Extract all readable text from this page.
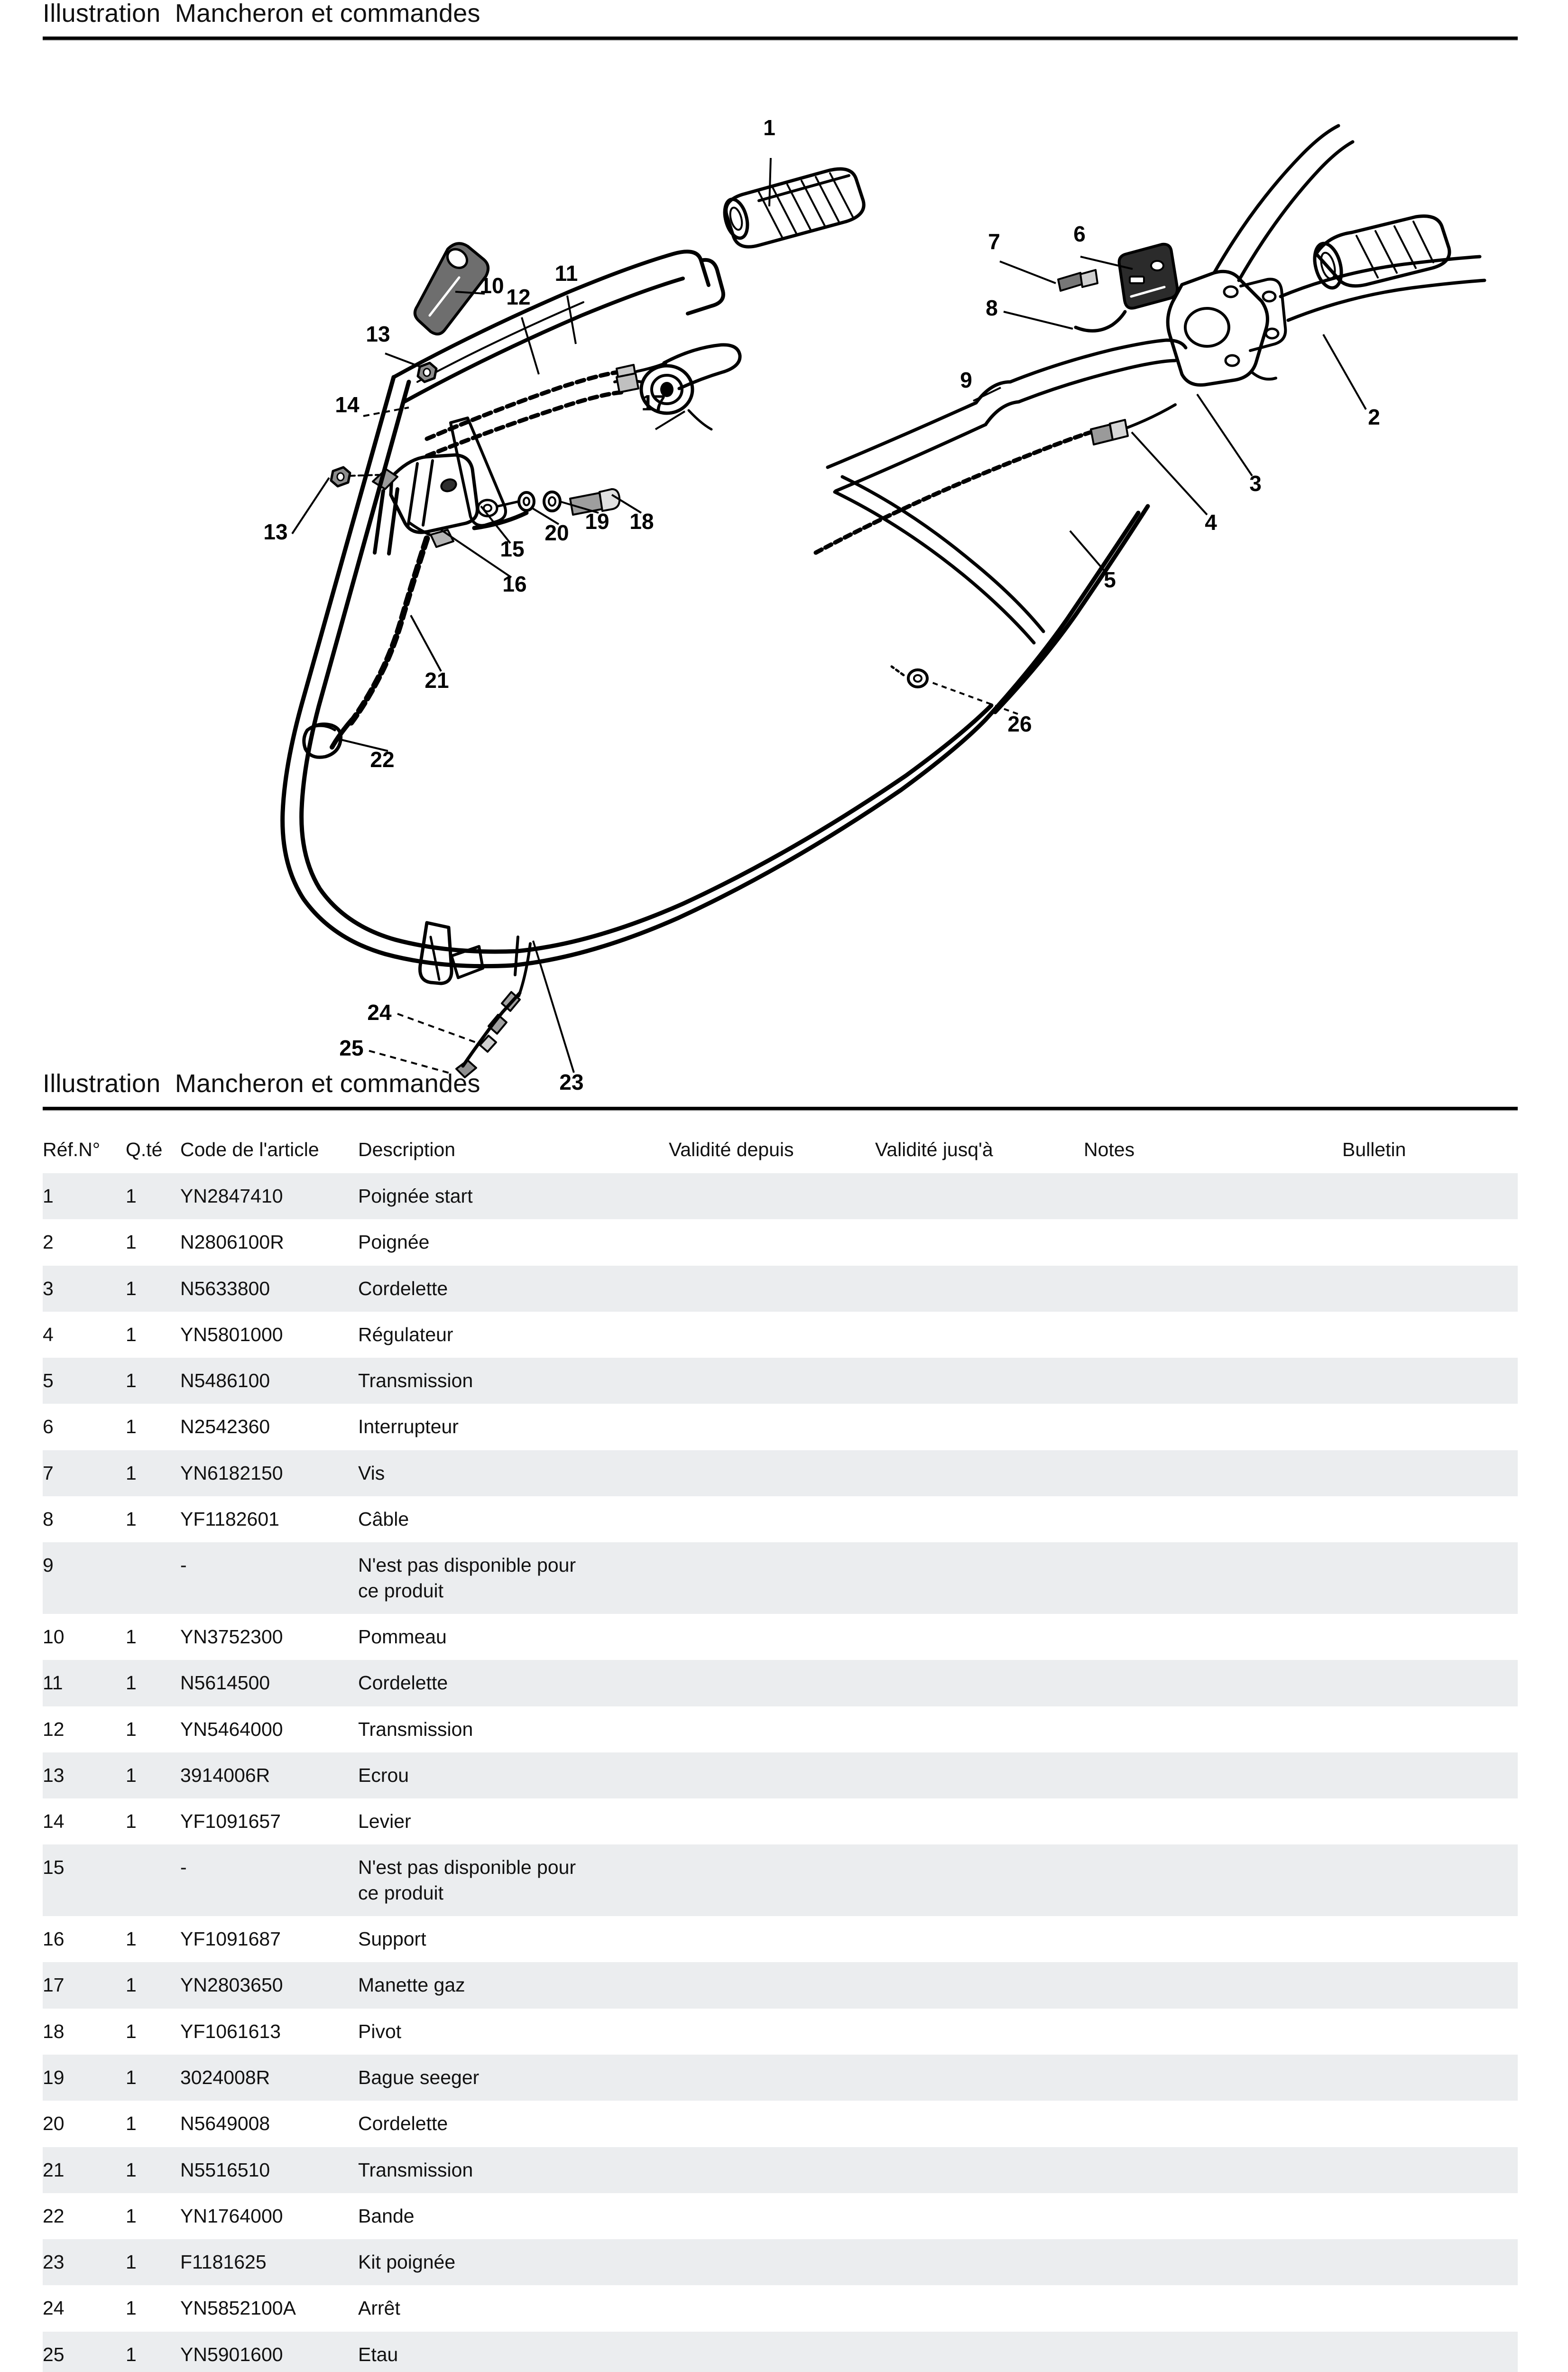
Illustration  Mancheron et commandes
1
2
3
4
5
6
7
8
9
10 11
12
13
14
13
15
16
17
18
19
20
21
22
23
24
25
26
Illustration  Mancheron et commandes
Réf.N°	Q.té	Code de l'article	Description	Validité depuis	Validité jusq'à	Notes	Bulletin
1	1	YN2847410	Poignée start				
2	1	N2806100R	Poignée				
3	1	N5633800	Cordelette				
4	1	YN5801000	Régulateur				
5	1	N5486100	Transmission				
6	1	N2542360	Interrupteur				
7	1	YN6182150	Vis				
8	1	YF1182601	Câble				
9		-	N'est pas disponible pour ce produit				
10	1	YN3752300	Pommeau				
11	1	N5614500	Cordelette				
12	1	YN5464000	Transmission				
13	1	3914006R	Ecrou				
14	1	YF1091657	Levier				
15		-	N'est pas disponible pour ce produit				
16	1	YF1091687	Support				
17	1	YN2803650	Manette gaz				
18	1	YF1061613	Pivot				
19	1	3024008R	Bague seeger				
20	1	N5649008	Cordelette				
21	1	N5516510	Transmission				
22	1	YN1764000	Bande				
23	1	F1181625	Kit poignée				
24	1	YN5852100A	Arrêt				
25	1	YN5901600	Etau				
